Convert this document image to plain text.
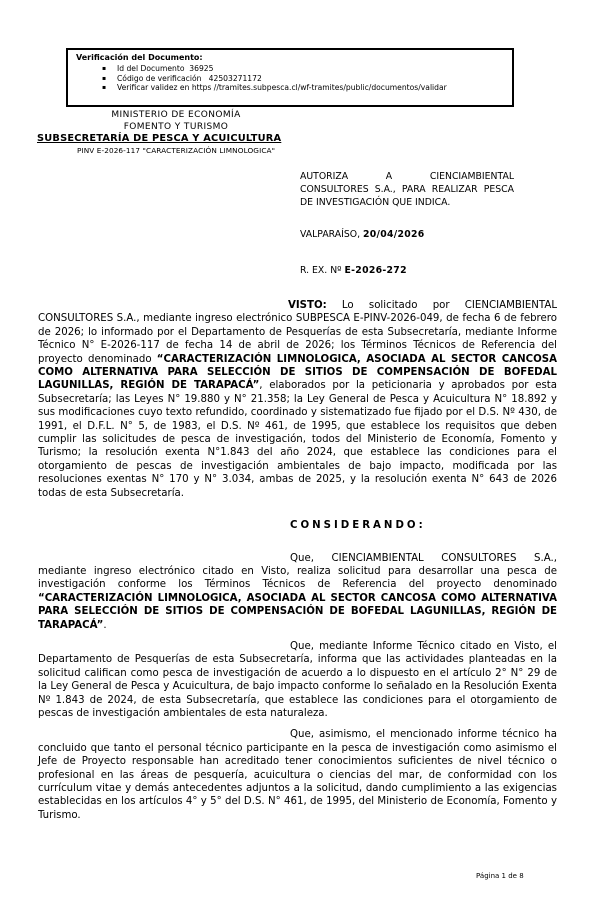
Verificación del Documento:
▪ Id del Documento  36925
▪ Código de verificación   42503271172
▪ Verificar validez en https //tramites.subpesca.cl/wf-tramites/public/documentos/validar
MINISTERIO DE ECONOMÍA
FOMENTO Y TURISMO
SUBSECRETARÍA DE PESCA Y ACUICULTURA
PINV E-2026-117 "CARACTERIZACIÓN LIMNOLOGICA"
AUTORIZA A CIENCIAMBIENTAL CONSULTORES S.A., PARA REALIZAR PESCA DE INVESTIGACIÓN QUE INDICA.
VALPARAÍSO, 20/04/2026
R. EX. Nº E-2026-272

VISTO: Lo solicitado por CIENCIAMBIENTAL CONSULTORES S.A., mediante ingreso electrónico SUBPESCA E-PINV-2026-049, de fecha 6 de febrero de 2026; lo informado por el Departamento de Pesquerías de esta Subsecretaría, mediante Informe Técnico N° E-2026-117 de fecha 14 de abril de 2026; los Términos Técnicos de Referencia del proyecto denominado “CARACTERIZACIÓN LIMNOLOGICA, ASOCIADA AL SECTOR CANCOSA COMO ALTERNATIVA PARA SELECCIÓN DE SITIOS DE COMPENSACIÓN DE BOFEDAL LAGUNILLAS, REGIÓN DE TARAPACÁ”, elaborados por la peticionaria y aprobados por esta Subsecretaría; las Leyes N° 19.880 y N° 21.358; la Ley General de Pesca y Acuicultura N° 18.892 y sus modificaciones cuyo texto refundido, coordinado y sistematizado fue fijado por el D.S. Nº 430, de 1991, el D.F.L. N° 5, de 1983, el D.S. Nº 461, de 1995, que establece los requisitos que deben cumplir las solicitudes de pesca de investigación, todos del Ministerio de Economía, Fomento y Turismo; la resolución exenta N°1.843 del año 2024, que establece las condiciones para el otorgamiento de pescas de investigación ambientales de bajo impacto, modificada por las resoluciones exentas N° 170 y N° 3.034, ambas de 2025, y la resolución exenta N° 643 de 2026 todas de esta Subsecretaría.

CONSIDERANDO:

Que, CIENCIAMBIENTAL CONSULTORES S.A., mediante ingreso electrónico citado en Visto, realiza solicitud para desarrollar una pesca de investigación conforme los Términos Técnicos de Referencia del proyecto denominado “CARACTERIZACIÓN LIMNOLOGICA, ASOCIADA AL SECTOR CANCOSA COMO ALTERNATIVA PARA SELECCIÓN DE SITIOS DE COMPENSACIÓN DE BOFEDAL LAGUNILLAS, REGIÓN DE TARAPACÁ”.

Que, mediante Informe Técnico citado en Visto, el Departamento de Pesquerías de esta Subsecretaría, informa que las actividades planteadas en la solicitud califican como pesca de investigación de acuerdo a lo dispuesto en el artículo 2° N° 29 de la Ley General de Pesca y Acuicultura, de bajo impacto conforme lo señalado en la Resolución Exenta Nº 1.843 de 2024, de esta Subsecretaría, que establece las condiciones para el otorgamiento de pescas de investigación ambientales de esta naturaleza.

Que, asimismo, el mencionado informe técnico ha concluido que tanto el personal técnico participante en la pesca de investigación como asimismo el Jefe de Proyecto responsable han acreditado tener conocimientos suficientes de nivel técnico o profesional en las áreas de pesquería, acuicultura o ciencias del mar, de conformidad con los currículum vitae y demás antecedentes adjuntos a la solicitud, dando cumplimiento a las exigencias establecidas en los artículos 4° y 5° del D.S. N° 461, de 1995, del Ministerio de Economía, Fomento y Turismo.

Página 1 de 8
